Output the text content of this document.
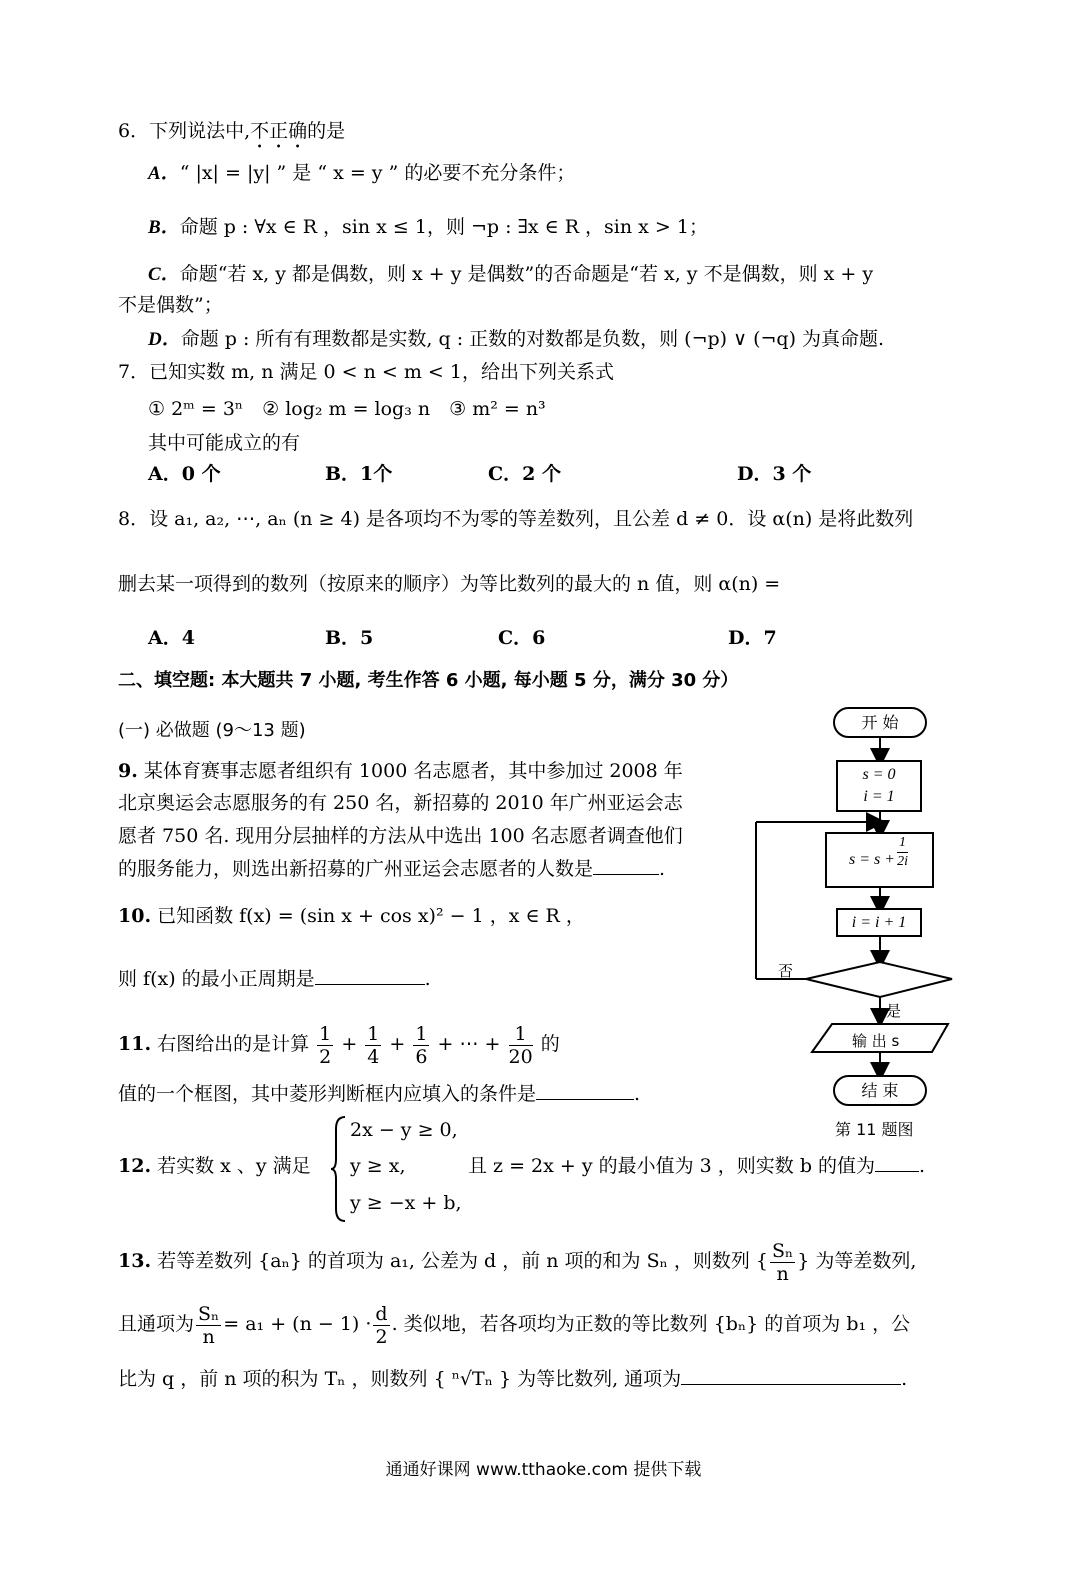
6．下列说法中,不正确的是
A．“ |x| = |y| ” 是 “ x = y ” 的必要不充分条件；
B．命题 p : ∀x ∈ R ，sin x ≤ 1，则 ¬p : ∃x ∈ R ，sin x > 1；
C．命题“若 x, y 都是偶数，则 x + y 是偶数”的否命题是“若 x, y 不是偶数，则 x + y
不是偶数”；
D．命题 p : 所有有理数都是实数, q : 正数的对数都是负数，则 (¬p) ∨ (¬q) 为真命题.
7．已知实数 m, n 满足 0 < n < m < 1，给出下列关系式
① 2ᵐ = 3ⁿ　② log₂ m = log₃ n　③ m² = n³
其中可能成立的有
A．0 个	B．1个	C．2 个	D．3 个
8．设 a₁, a₂, ⋯, aₙ (n ≥ 4) 是各项均不为零的等差数列，且公差 d ≠ 0．设 α(n) 是将此数列
删去某一项得到的数列（按原来的顺序）为等比数列的最大的 n 值，则 α(n) =
A．4	B．5	C．6	D．7
二、填空题: 本大题共 7 小题, 考生作答 6 小题, 每小题 5 分，满分 30 分）
(一) 必做题 (9～13 题)
9. 某体育赛事志愿者组织有 1000 名志愿者，其中参加过 2008 年
北京奥运会志愿服务的有 250 名，新招募的 2010 年广州亚运会志
愿者 750 名. 现用分层抽样的方法从中选出 100 名志愿者调查他们
的服务能力，则选出新招募的广州亚运会志愿者的人数是	.
10. 已知函数 f(x) = (sin x + cos x)² − 1 ，x ∈ R ，
则 f(x) 的最小正周期是	.
11. 右图给出的是计算 $\frac{1}{2} + \frac{1}{4} + \frac{1}{6}$ + ⋯ + $\frac{1}{20}$ 的
值的一个框图，其中菱形判断框内应填入的条件是	.
12. 若实数 x 、y 满足
2x − y ≥ 0,
y ≥ x,
y ≥ −x + b,
且 z = 2x + y 的最小值为 3 ，则实数 b 的值为 .
13. 若等差数列 {aₙ} 的首项为 a₁, 公差为 d ，前 n 项的和为 Sₙ ，则数列 { $\frac{\text{Sₙ}}{n}$ } 为等差数列,
且通项为 $\frac{\text{Sₙ}}{n} = a_1 + (n - 1) \cdot \frac{d}{2}$ . 类似地，若各项均为正数的等比数列 {bₙ} 的首项为 b₁ ，公
比为 q ，前 n 项的积为 Tₙ ，则数列 { ⁿ√Tₙ } 为等比数列, 通项为	.
开 始
s = 0
i = 1
$s = s + \frac{1}{2i}$
i = i + 1
否
是
输 出 s
结 束
第 11 题图
通通好课网 www.tthaoke.com 提供下载
